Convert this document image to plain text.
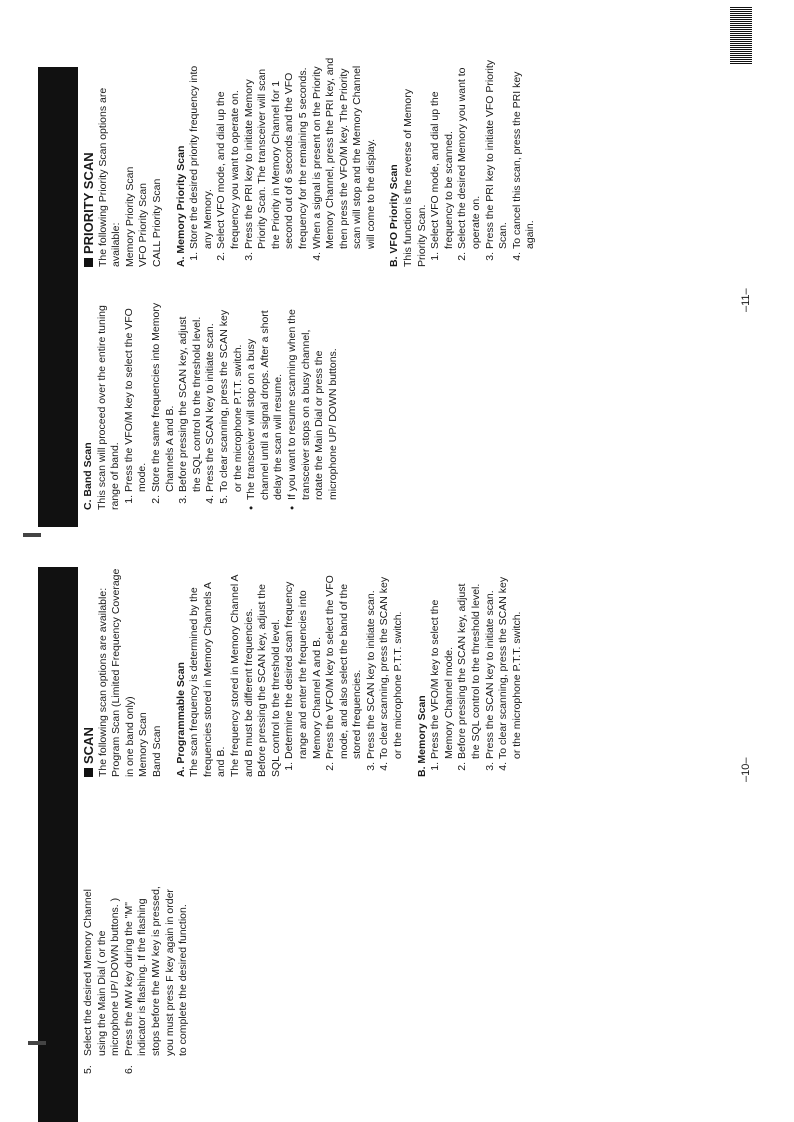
5.
Select the desired Memory Channel using the Main Dial ( or the microphone UP/ DOWN buttons. )
6.
Press the MW key during the "M" indicator is flashing. If the flashing stops before the MW key is pressed, you must press F key again in order to complete the desired function.
SCAN The following scan options are available: Program Scan (Limited Frequency Coverage in one band only) Memory Scan Band Scan A. Programmable Scan The scan frequency is determined by the frequencies stored in Memory Channels A and B. The frequency stored in Memory Channel A and B must be different frequencies. Before pressing the SCAN key, adjust the SQL control to the threshold level. 1. Determine the desired scan frequency range and enter the frequencies into Memory Channel A and B. 2. Press the VFO/M key to select the VFO mode, and also select the band of the stored frequencies. 3. Press the SCAN key to initiate scan. 4. To clear scanning, press the SCAN key or the microphone P.T.T. switch. B. Memory Scan 1. Press the VFO/M key to select the Memory Channel mode. 2. Before pressing the SCAN key, adjust the SQL control to the threshold level. 3. Press the SCAN key to initiate scan. 4. To clear scanning, press the SCAN key or the microphone P.T.T. switch.
–10–
C. Band Scan This scan will proceed over the entire tuning range of band. 1. Press the VFO/M key to select the VFO mode. 2. Store the same frequencies into Memory Channels A and B. 3. Before pressing the SCAN key, adjust the SQL control to the threshold level. 4. Press the SCAN key to initiate scan. 5. To clear scanning, press the SCAN key or the microphone P.T.T. switch. ● The transceiver will stop on a busy channel until a signal drops. After a short delay the scan will resume. ● If you want to resume scanning when the transceiver stops on a busy channel, rotate the Main Dial or press the microphone UP/ DOWN buttons.
–11–
PRIORITY SCAN The following Priority Scan options are available: Memory Priority Scan VFO Priority Scan CALL Priority Scan A. Memory Priority Scan 1. Store the desired priority frequency into any Memory. 2. Select VFO mode, and dial up the frequency you want to operate on. 3. Press the PRI key to initiate Memory Priority Scan. The transceiver will scan the Priority in Memory Channel for 1 second out of 6 seconds and the VFO frequency for the remaining 5 seconds. 4. When a signal is present on the Priority Memory Channel, press the PRI key, and then press the VFO/M key. The Priority scan will stop and the Memory Channel will come to the display. B. VFO Priority Scan This function is the reverse of Memory Priority Scan. 1. Select VFO mode, and dial up the frequency to be scanned. 2. Select the desired Memory you want to operate on. 3. Press the PRI key to initiate VFO Priority Scan. 4. To cancel this scan, press the PRI key again.
